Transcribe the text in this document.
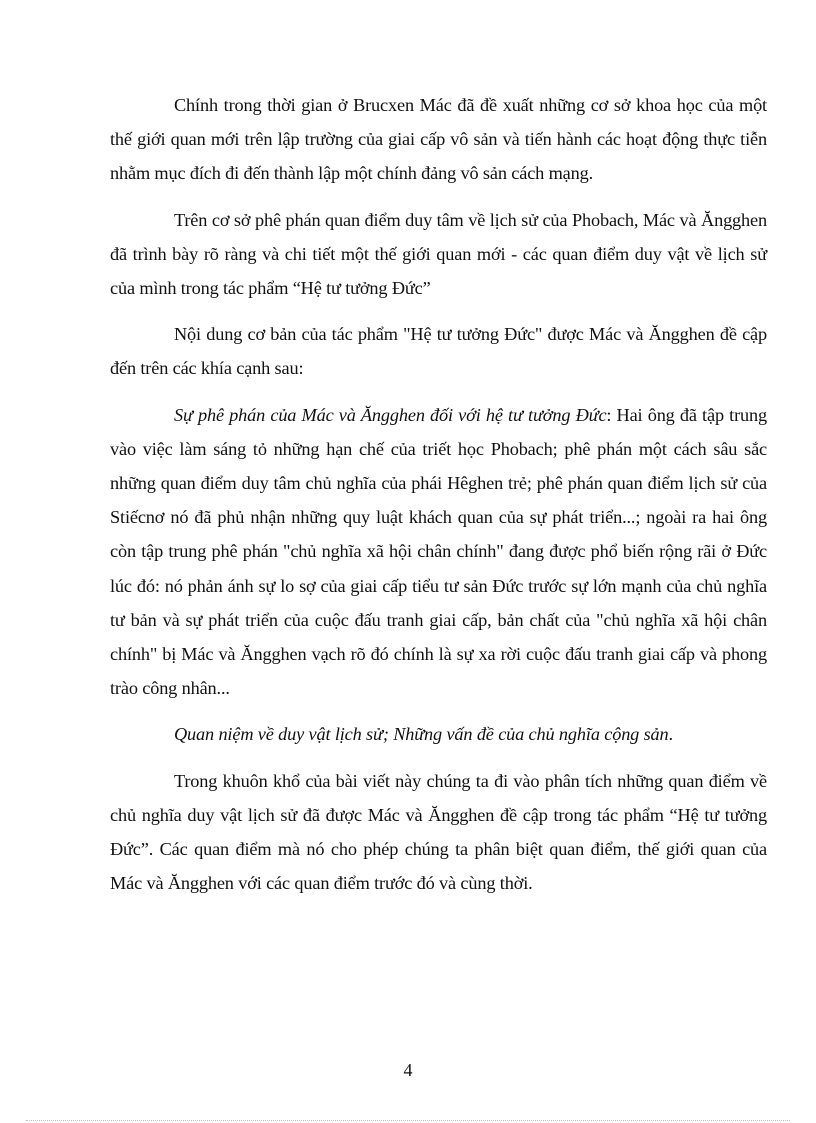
Chính trong thời gian ở Brucxen Mác đã đề xuất những cơ sở khoa học của một thế giới quan mới trên lập trường của giai cấp vô sản và tiến hành các hoạt động thực tiễn nhằm mục đích đi đến thành lập một chính đảng vô sản cách mạng.

Trên cơ sở phê phán quan điểm duy tâm về lịch sử của Phobach, Mác và Ăngghen đã trình bày rõ ràng và chi tiết một thế giới quan mới - các quan điểm duy vật về lịch sử của mình trong tác phẩm “Hệ tư tưởng Đức”

Nội dung cơ bản của tác phẩm "Hệ tư tưởng Đức" được Mác và Ăngghen đề cập đến trên các khía cạnh sau:

Sự phê phán của Mác và Ăngghen đối với hệ tư tưởng Đức: Hai ông đã tập trung vào việc làm sáng tỏ những hạn chế của triết học Phobach; phê phán một cách sâu sắc những quan điểm duy tâm chủ nghĩa của phái Hêghen trẻ; phê phán quan điểm lịch sử của Stiếcnơ nó đã phủ nhận những quy luật khách quan của sự phát triển...; ngoài ra hai ông còn tập trung phê phán "chủ nghĩa xã hội chân chính" đang được phổ biến rộng rãi ở Đức lúc đó: nó phản ánh sự lo sợ của giai cấp tiểu tư sản Đức trước sự lớn mạnh của chủ nghĩa tư bản và sự phát triển của cuộc đấu tranh giai cấp, bản chất của "chủ nghĩa xã hội chân chính" bị Mác và Ăngghen vạch rõ đó chính là sự xa rời cuộc đấu tranh giai cấp và phong trào công nhân...

Quan niệm về duy vật lịch sử; Những vấn đề của chủ nghĩa cộng sản.

Trong khuôn khổ của bài viết này chúng ta đi vào phân tích những quan điểm về chủ nghĩa duy vật lịch sử đã được Mác và Ăngghen đề cập trong tác phẩm “Hệ tư tưởng Đức”. Các quan điểm mà nó cho phép chúng ta phân biệt quan điểm, thế giới quan của Mác và Ăngghen với các quan điểm trước đó và cùng thời.

4
